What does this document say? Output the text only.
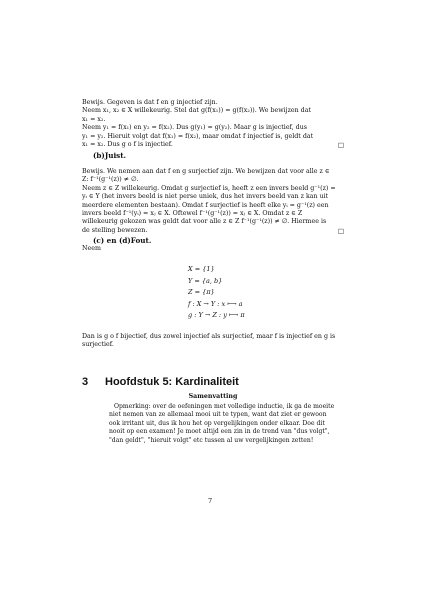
Bewijs. Gegeven is dat f en g injectief zijn.
Neem x₁, x₂ ∈ X willekeurig. Stel dat g(f(x₁)) = g(f(x₂)). We bewijzen dat
x₁ = x₂.
Neem y₁ = f(x₁) en y₂ = f(x₂). Dus g(y₁) = g(y₂). Maar g is injectief, dus
y₁ = y₂. Hieruit volgt dat f(x₁) = f(x₂), maar omdat f injectief is, geldt dat
x₁ = x₂. Dus g o f is injectief.	□
(b)Juist.
Bewijs. We nemen aan dat f en g surjectief zijn. We bewijzen dat voor alle z ∈
Z: f⁻¹(g⁻¹(z)) ≠ ∅.
Neem z ∈ Z willekeurig. Omdat g surjectief is, heeft z een invers beeld g⁻¹(z) =
yᵢ ∈ Y (het invers beeld is niet perse uniek, dus het invers beeld van z kan uit
meerdere elementen bestaan). Omdat f surjectief is heeft elke yᵢ = g⁻¹(z) een
invers beeld f⁻¹(yᵢ) = xⱼ ∈ X. Oftewel f⁻¹(g⁻¹(z)) = xⱼ ∈ X. Omdat z ∈ Z
willekeurig gekozen was geldt dat voor alle z ∈ Z f⁻¹(g⁻¹(z)) ≠ ∅. Hiermee is
de stelling bewezen.	□
(c) en (d)Fout.
Neem
X = {1}
Y = {a, b}
Z = {π}
f : X → Y : x ⟼ a
g : Y → Z : y ⟼ π
Dan is g o f bijectief, dus zowel injectief als surjectief, maar f is injectief en g is
surjectief.
3 Hoofdstuk 5: Kardinaliteit
Samenvatting
Opmerking: over de oefeningen met volledige inductie, ik ga de moeite
niet nemen van ze allemaal mooi uit te typen, want dat ziet er gewoon
ook irritant uit, dus ik hou het op vergelijkingen onder elkaar. Doe dit
nooit op een examen! Je moet altijd een zin in de trend van "dus volgt",
"dan geldt", "hieruit volgt" etc tussen al uw vergelijkingen zetten!
7
